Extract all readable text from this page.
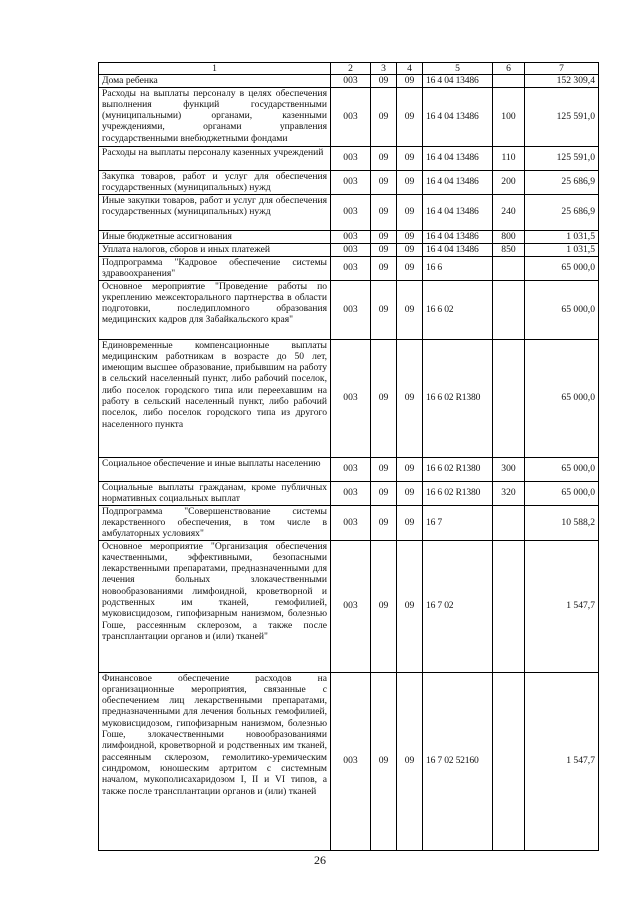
1	2	3	4	5	6	7
Дома ребенка	003	09	09	16 4 04 13486		152 309,4
Расходы на выплаты персоналу в целях обеспечения выполнения функций государственными (муниципальными) органами, казенными учреждениями, органами управления государственными внебюджетными фондами	003	09	09	16 4 04 13486	100	125 591,0
Расходы на выплаты персоналу казенных учреждений	003	09	09	16 4 04 13486	110	125 591,0
Закупка товаров, работ и услуг для обеспечения государственных (муниципальных) нужд	003	09	09	16 4 04 13486	200	25 686,9
Иные закупки товаров, работ и услуг для обеспечения государственных (муниципальных) нужд	003	09	09	16 4 04 13486	240	25 686,9
Иные бюджетные ассигнования	003	09	09	16 4 04 13486	800	1 031,5
Уплата налогов, сборов и иных платежей	003	09	09	16 4 04 13486	850	1 031,5
Подпрограмма "Кадровое обеспечение системы здравоохранения"	003	09	09	16 6		65 000,0
Основное мероприятие "Проведение работы по укреплению межсекторального партнерства в области подготовки, последипломного образования медицинских кадров для Забайкальского края"	003	09	09	16 6 02		65 000,0
Единовременные компенсационные выплаты медицинским работникам в возрасте до 50 лет, имеющим высшее образование, прибывшим на работу в сельский населенный пункт, либо рабочий поселок, либо поселок городского типа или переехавшим на работу в сельский населенный пункт, либо рабочий поселок, либо поселок городского типа из другого населенного пункта	003	09	09	16 6 02 R1380		65 000,0
Социальное обеспечение и иные выплаты населению	003	09	09	16 6 02 R1380	300	65 000,0
Социальные выплаты гражданам, кроме публичных нормативных социальных выплат	003	09	09	16 6 02 R1380	320	65 000,0
Подпрограмма "Совершенствование системы лекарственного обеспечения, в том числе в амбулаторных условиях"	003	09	09	16 7		10 588,2
Основное мероприятие "Организация обеспечения качественными, эффективными, безопасными лекарственными препаратами, предназначенными для лечения больных злокачественными новообразованиями лимфоидной, кроветворной и родственных им тканей, гемофилией, муковисцидозом, гипофизарным нанизмом, болезнью Гоше, рассеянным склерозом, а также после трансплантации органов и (или) тканей"	003	09	09	16 7 02		1 547,7
Финансовое обеспечение расходов на организационные мероприятия, связанные с обеспечением лиц лекарственными препаратами, предназначенными для лечения больных гемофилией, муковисцидозом, гипофизарным нанизмом, болезнью Гоше, злокачественными новообразованиями лимфоидной, кроветворной и родственных им тканей, рассеянным склерозом, гемолитико-уремическим синдромом, юношеским артритом с системным началом, мукополисахаридозом I, II и VI типов, а также после трансплантации органов и (или) тканей	003	09	09	16 7 02 52160		1 547,7
26
